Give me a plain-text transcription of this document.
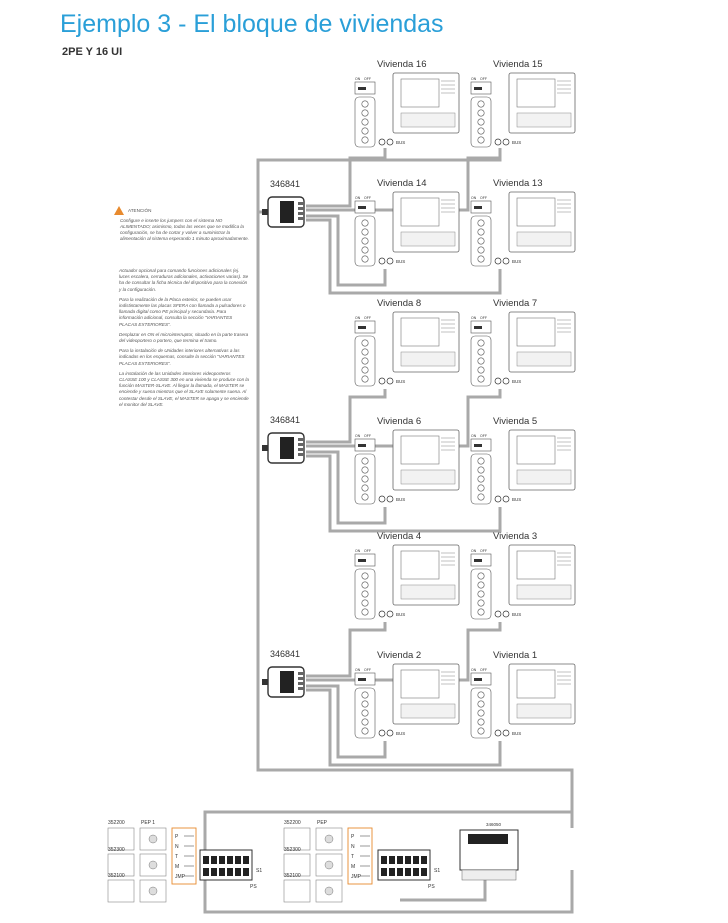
Ejemplo 3 - El bloque de viviendas
2PE Y 16 UI
ATENCIÓN
Configure e inserte los jumpers con el sistema NO ALIMENTADO; asimismo, todas las veces que se modifica la configuración, se ha de cortar y volver a suministrar la alimentación al sistema esperando 1 minuto aproximadamente.

Actuador opcional para comando funciones adicionales (ej. luces escalera, cerraduras adicionales, activaciones varias). Se ha de consultar la ficha técnica del dispositivo para la conexión y la configuración.

Para la realización de la Placa exterior, se pueden usar indistintamente las placas SFERA con llamada a pulsadores o llamada digital como PE principal y secundaria. Para información adicional, consulta la sección "VARIANTES PLACAS EXTERIORES".

Desplazar en ON el microinterruptor, situado en la parte trasera del videoportero o portero, que termina el tramo.

Para la instalación de Unidades interiores alternativas a las indicadas en los esquemas, consulte la sección "VARIANTES PLACAS EXTERIORES".

La instalación de las Unidades interiores videoporteros CLASSE 100 y CLASSE 300 en una vivienda se produce con la función MASTER-SLAVE. Al llegar la llamada, el MASTER se enciende y suena mientras que el SLAVE solamente suena. Al contestar desde el SLAVE, el MASTER se apaga y se enciende el monitor del SLAVE.

Vivienda 16
ON OFF
BUS
Vivienda 15
ON OFF
BUS
Vivienda 14
ON OFF
BUS
Vivienda 13
ON OFF
BUS
Vivienda 8
ON OFF
BUS
Vivienda 7
ON OFF
BUS
Vivienda 6
ON OFF
BUS
Vivienda 5
ON OFF
BUS
Vivienda 4
ON OFF
BUS
Vivienda 3
ON OFF
BUS
Vivienda 2
ON OFF
BUS
Vivienda 1
ON OFF
BUS
346841
346841
346841
352200	PEP 1
352300
352100
P
N
T
M
JMP
352200	PEP
352300
352100
P
N
T
M
JMP
S1
PS
S1
PS
346050
